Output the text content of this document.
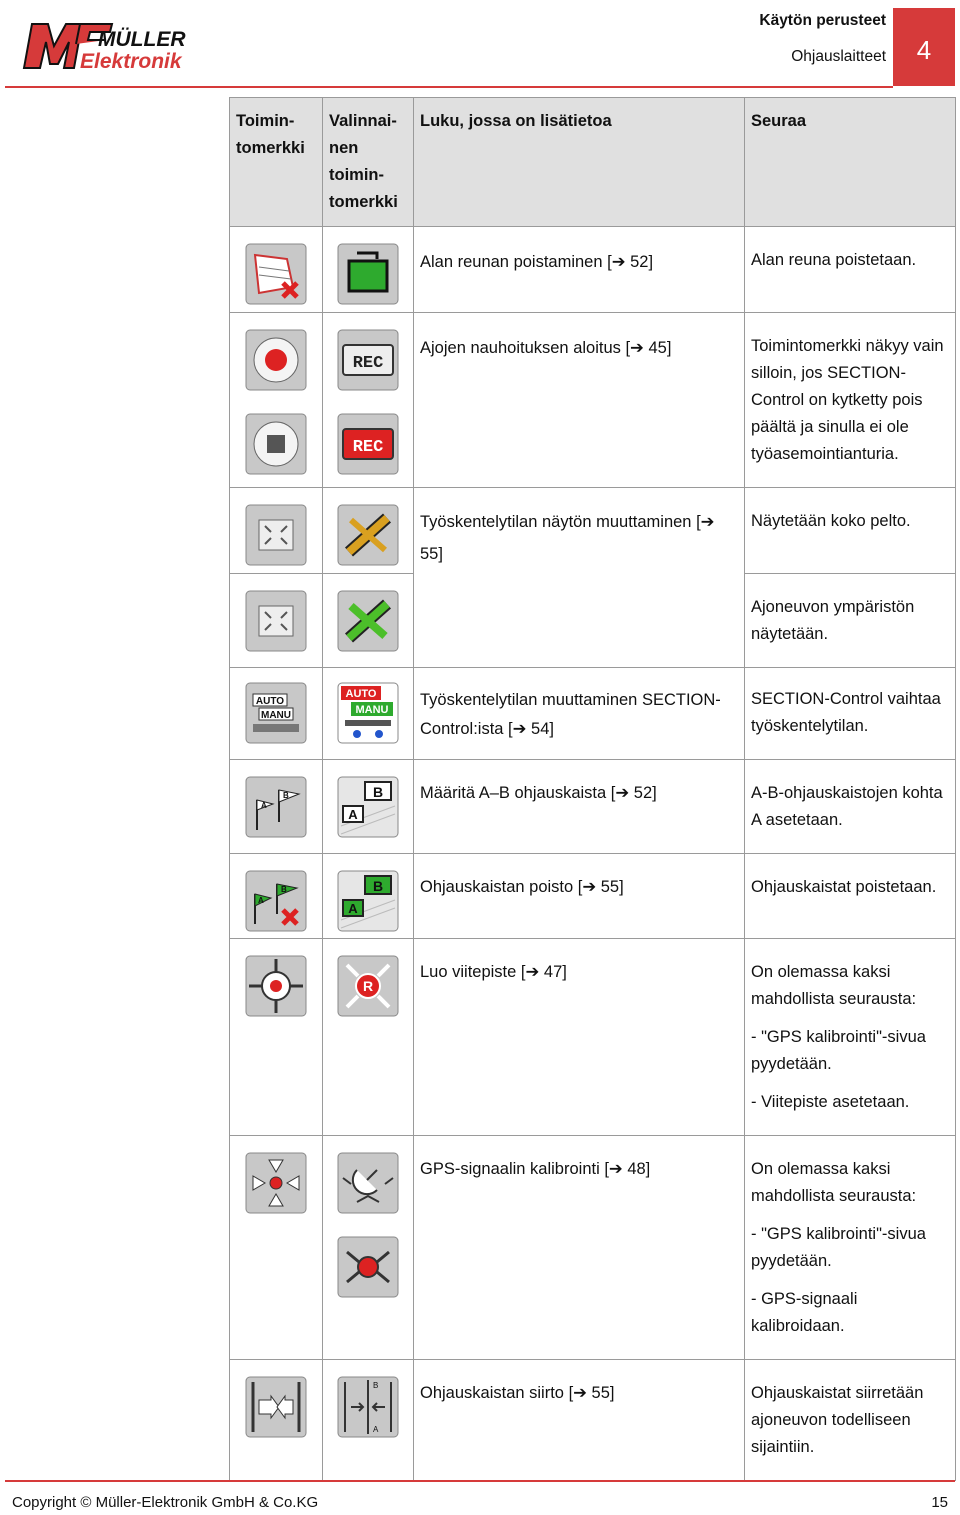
MÜLLER
Elektronik
Käytön perusteet
Ohjauslaitteet	4
Toimin-tomerkki	Valinnai-nen toimin-tomerkki	Luku, jossa on lisätietoa	Seuraa

	Alan reunan poistaminen [➔ 52]	Alan reuna poistetaan.

REC
REC	Ajojen nauhoituksen aloitus [➔ 45]	Toimintomerkki näkyy vain silloin, jos SECTION-Control on kytketty pois päältä ja sinulla ei ole työasemointianturia.

	Työskentelytilan näytön muuttaminen [➔ 55]	Näytetään koko pelto.

Ajoneuvon ympäristön näytetään.

AUTO
MANU	AUTO
MANU	Työskentelytilan muuttaminen SECTION-Control:ista [➔ 54]	SECTION-Control vaihtaa työskentelytilan.

A
B	A
B	Määritä A–B ohjauskaista [➔ 52]	A-B-ohjauskaistojen kohta A asetetaan.

A
B	A
B	Ohjauskaistan poisto [➔ 55]	Ohjauskaistat poistetaan.

R	Luo viitepiste [➔ 47]	On olemassa kaksi mahdollista seurausta:
- "GPS kalibrointi"-sivua pyydetään.
- Viitepiste asetetaan.

	GPS-signaalin kalibrointi [➔ 48]	On olemassa kaksi mahdollista seurausta:
- "GPS kalibrointi"-sivua pyydetään.
- GPS-signaali kalibroidaan.

B
A	Ohjauskaistan siirto [➔ 55]	Ohjauskaistat siirretään ajoneuvon todelliseen sijaintiin.
Copyright © Müller-Elektronik GmbH & Co.KG	15
